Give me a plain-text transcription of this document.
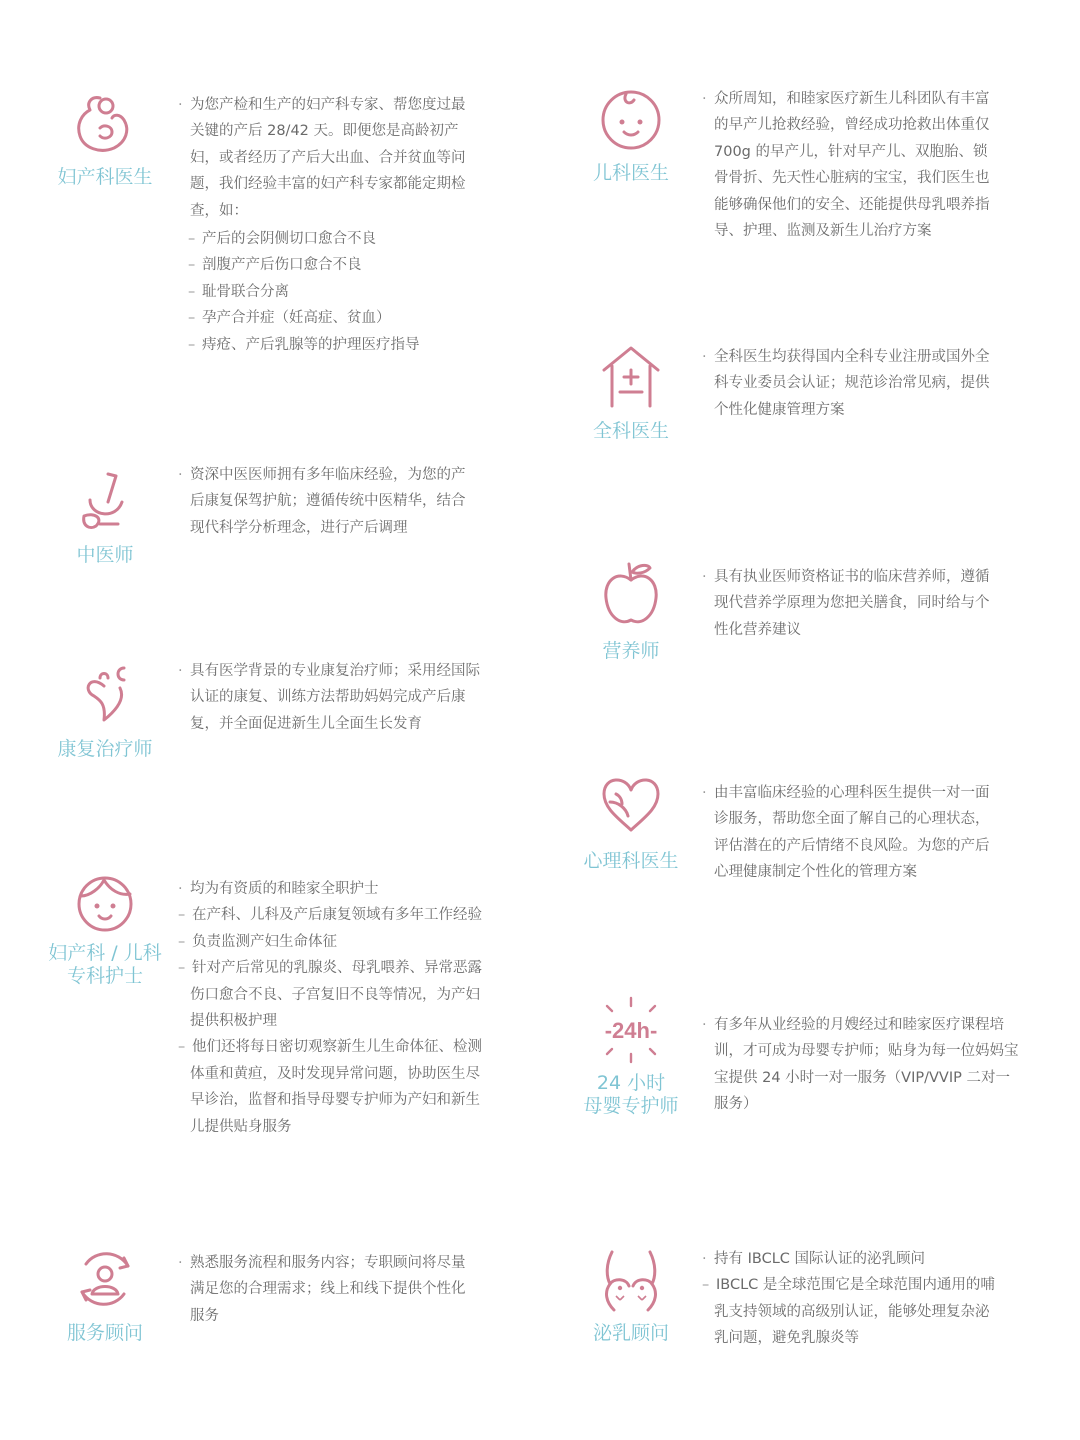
妇产科医生

· 为您产检和生产的妇产科专家、帮您度过最关键的产后 28/42 天。即便您是高龄初产妇，或者经历了产后大出血、合并贫血等问题，我们经验丰富的妇产科专家都能定期检查，如：

– 产后的会阴侧切口愈合不良
– 剖腹产产后伤口愈合不良
– 耻骨联合分离
– 孕产合并症（妊高症、贫血）
– 痔疮、产后乳腺等的护理医疗指导
中医师

· 资深中医医师拥有多年临床经验，为您的产后康复保驾护航；遵循传统中医精华，结合现代科学分析理念，进行产后调理

康复治疗师

· 具有医学背景的专业康复治疗师；采用经国际认证的康复、训练方法帮助妈妈完成产后康复，并全面促进新生儿全面生长发育

妇产科 / 儿科
专科护士

· 均为有资质的和睦家全职护士

– 在产科、儿科及产后康复领域有多年工作经验
– 负责监测产妇生命体征
– 针对产后常见的乳腺炎、母乳喂养、异常恶露伤口愈合不良、子宫复旧不良等情况，为产妇提供积极护理
– 他们还将每日密切观察新生儿生命体征、检测体重和黄疸，及时发现异常问题，协助医生尽早诊治，监督和指导母婴专护师为产妇和新生儿提供贴身服务
服务顾问

· 熟悉服务流程和服务内容；专职顾问将尽量满足您的合理需求；线上和线下提供个性化服务

儿科医生

· 众所周知，和睦家医疗新生儿科团队有丰富的早产儿抢救经验，曾经成功抢救出体重仅 700g 的早产儿，针对早产儿、双胞胎、锁骨骨折、先天性心脏病的宝宝，我们医生也能够确保他们的安全、还能提供母乳喂养指导、护理、监测及新生儿治疗方案

全科医生

· 全科医生均获得国内全科专业注册或国外全科专业委员会认证；规范诊治常见病，提供个性化健康管理方案

营养师

· 具有执业医师资格证书的临床营养师，遵循现代营养学原理为您把关膳食，同时给与个性化营养建议

心理科医生

· 由丰富临床经验的心理科医生提供一对一面诊服务，帮助您全面了解自己的心理状态，评估潜在的产后情绪不良风险。为您的产后心理健康制定个性化的管理方案

-24h-
24 小时
母婴专护师

· 有多年从业经验的月嫂经过和睦家医疗课程培训，才可成为母婴专护师；贴身为每一位妈妈宝宝提供 24 小时一对一服务（VIP/VVIP 二对一服务）

泌乳顾问

· 持有 IBCLC 国际认证的泌乳顾问

– IBCLC 是全球范围它是全球范围内通用的哺乳支持领域的高级别认证，能够处理复杂泌乳问题，避免乳腺炎等
